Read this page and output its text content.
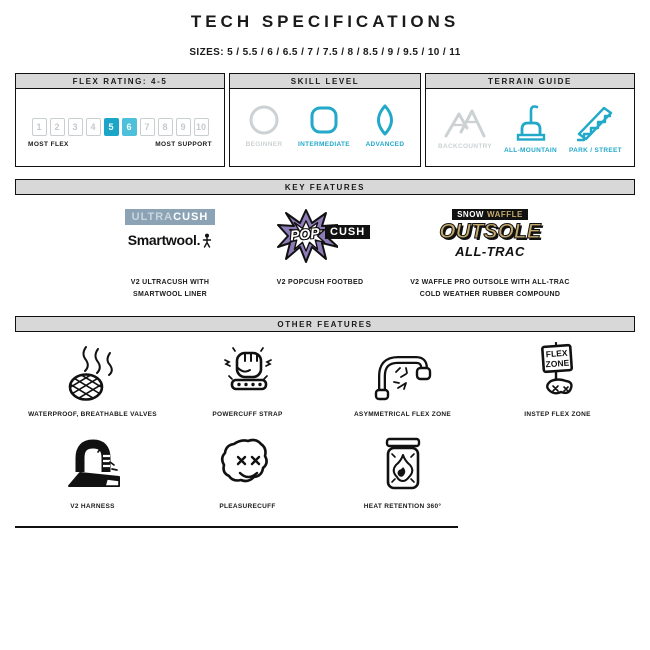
TECH SPECIFICATIONS
SIZES: 5 / 5.5 / 6 / 6.5 / 7 / 7.5 / 8 / 8.5 / 9 / 9.5 / 10 / 11
FLEX RATING: 4-5
1	2	3	4	5	6	7	8	9	10
MOST FLEX	MOST SUPPORT
SKILL LEVEL
BEGINNER INTERMEDIATE ADVANCED
TERRAIN GUIDE
BACKCOUNTRY
ALL-MOUNTAIN PARK / STREET
KEY FEATURES
ULTRA CUSH
Smartwool.
V2 ULTRACUSH WITH SMARTWOOL LINER
POP CUSH
V2 POPCUSH FOOTBED
SNOW WAFFLE
OUTSOLE
ALL-TRAC
V2 WAFFLE PRO OUTSOLE WITH ALL-TRAC COLD WEATHER RUBBER COMPOUND
OTHER FEATURES
WATERPROOF, BREATHABLE VALVES	POWERCUFF STRAP	ASYMMETRICAL FLEX ZONE
FLEX
ZONE
INSTEP FLEX ZONE
V2 HARNESS	PLEASURECUFF	HEAT RETENTION 360°
